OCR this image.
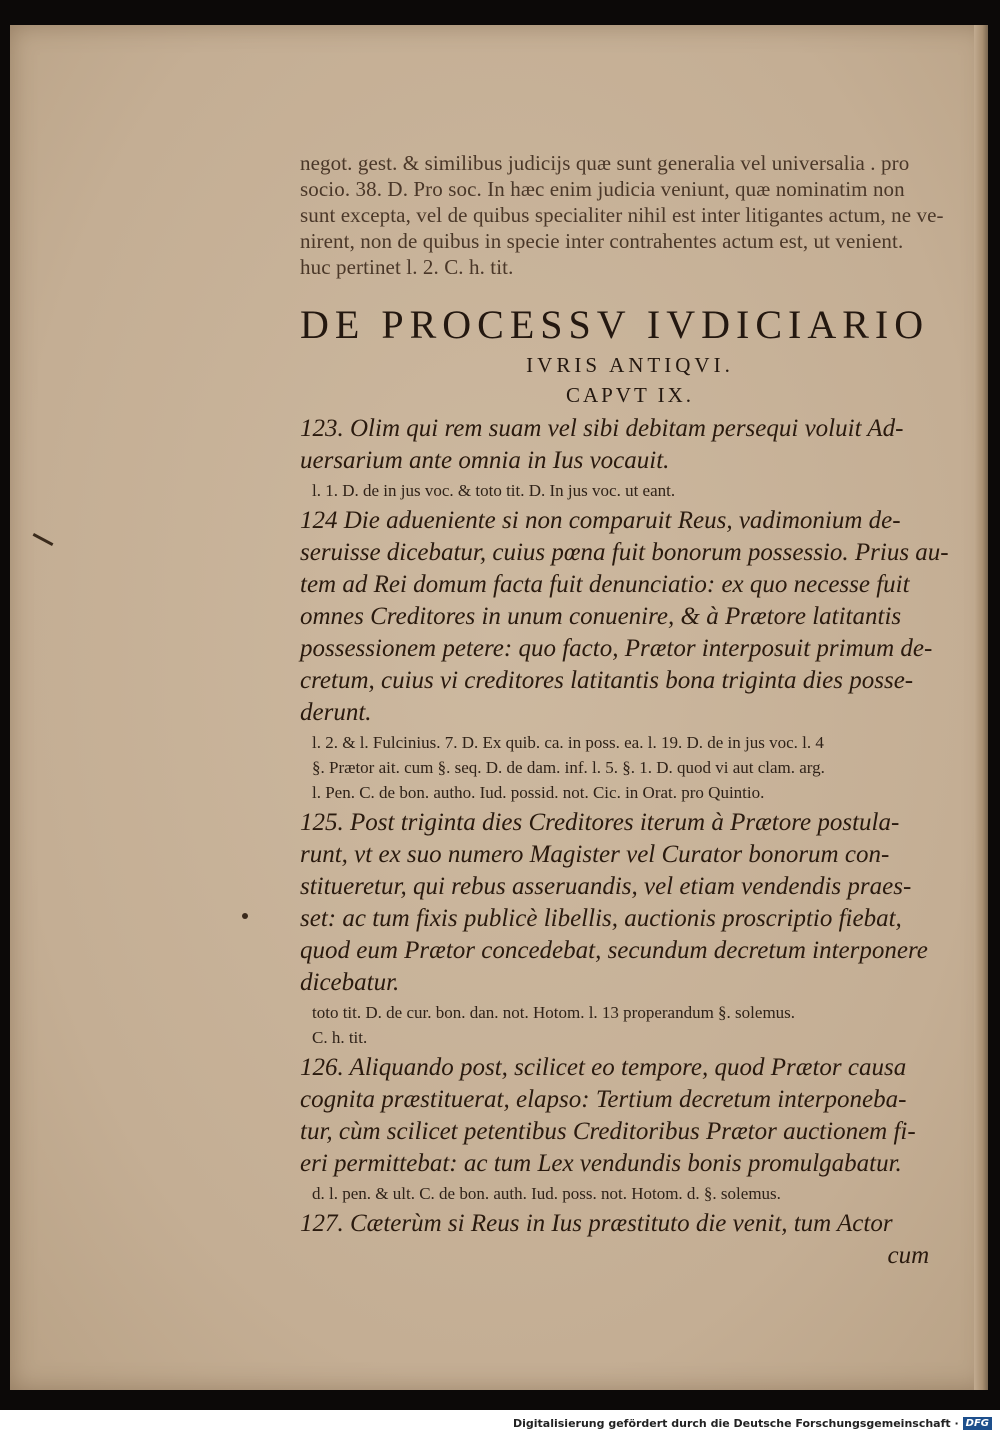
negot. gest. & similibus judicijs quæ sunt generalia vel universalia . pro
socio. 38. D. Pro soc. In hæc enim judicia veniunt, quæ nominatim non
sunt excepta, vel de quibus specialiter nihil est inter litigantes actum, ne ve-
nirent, non de quibus in specie inter contrahentes actum est, ut venient.
huc pertinet l. 2. C. h. tit.
DE PROCESSV IVDICIARIO
IVRIS ANTIQVI.
CAPVT IX.
123. Olim qui rem suam vel sibi debitam persequi voluit Ad-
uersarium ante omnia in Ius vocauit.
l. 1. D. de in jus voc. & toto tit. D. In jus voc. ut eant.
124 Die adueniente si non comparuit Reus, vadimonium de-
seruisse dicebatur, cuius pœna fuit bonorum possessio. Prius au-
tem ad Rei domum facta fuit denunciatio: ex quo necesse fuit
omnes Creditores in unum conuenire, & à Prætore latitantis
possessionem petere: quo facto, Prætor interposuit primum de-
cretum, cuius vi creditores latitantis bona triginta dies posse-
derunt.
l. 2. & l. Fulcinius. 7. D. Ex quib. ca. in poss. ea. l. 19. D. de in jus voc. l. 4
§. Prætor ait. cum §. seq. D. de dam. inf. l. 5. §. 1. D. quod vi aut clam. arg.
l. Pen. C. de bon. autho. Iud. possid. not. Cic. in Orat. pro Quintio.
125. Post triginta dies Creditores iterum à Prætore postula-
runt, vt ex suo numero Magister vel Curator bonorum con-
stitueretur, qui rebus asseruandis, vel etiam vendendis praes-
set: ac tum fixis publicè libellis, auctionis proscriptio fiebat,
quod eum Prætor concedebat, secundum decretum interponere
dicebatur.
toto tit. D. de cur. bon. dan. not. Hotom. l. 13 properandum §. solemus.
C. h. tit.
126. Aliquando post, scilicet eo tempore, quod Prætor causa
cognita præstituerat, elapso: Tertium decretum interponeba-
tur, cùm scilicet petentibus Creditoribus Prætor auctionem fi-
eri permittebat: ac tum Lex vendundis bonis promulgabatur.
d. l. pen. & ult. C. de bon. auth. Iud. poss. not. Hotom. d. §. solemus.
127. Cæterùm si Reus in Ius præstituto die venit, tum Actor
cum
Digitalisierung gefördert durch die Deutsche Forschungsgemeinschaft · DFG
